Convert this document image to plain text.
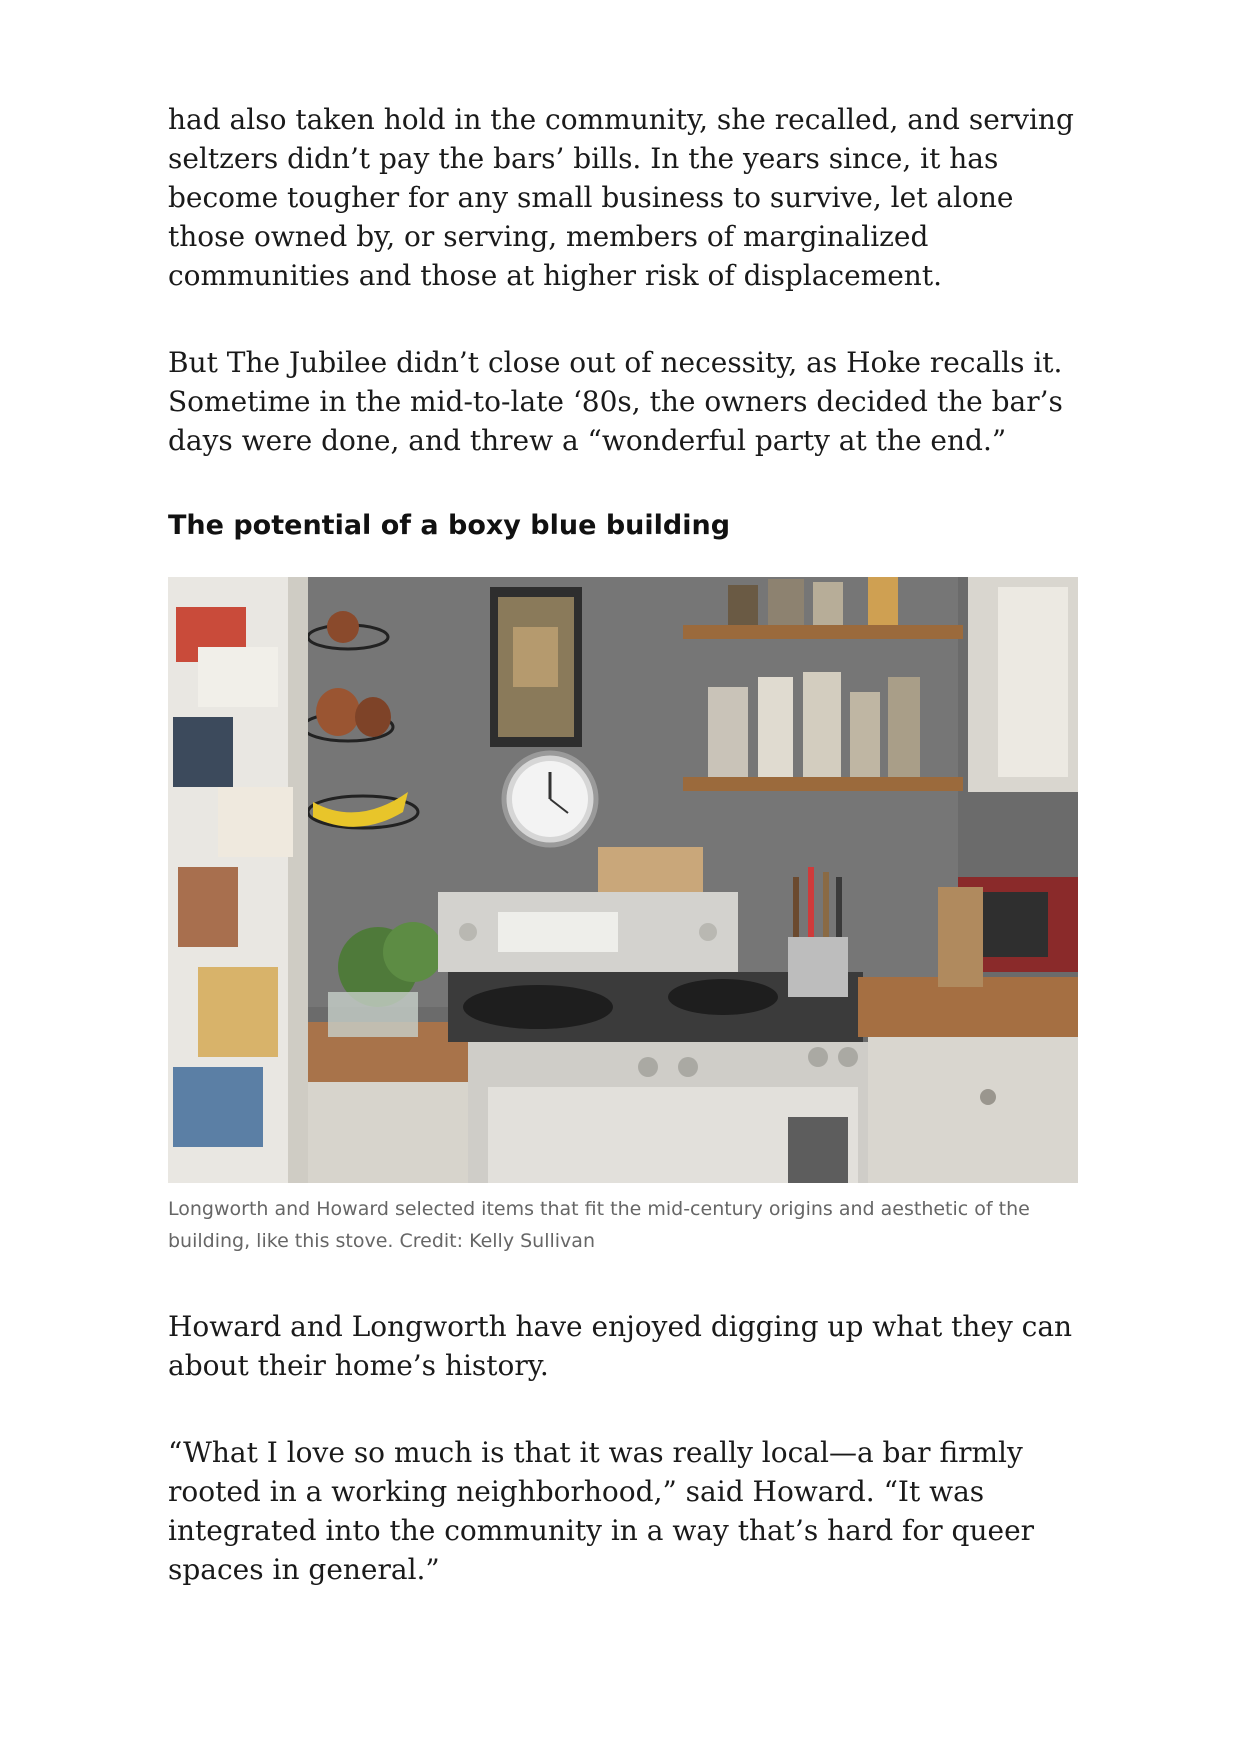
had also taken hold in the community, she recalled, and serving seltzers didn’t pay the bars’ bills. In the years since, it has become tougher for any small business to survive, let alone those owned by, or serving, members of marginalized communities and those at higher risk of displacement.

But The Jubilee didn’t close out of necessity, as Hoke recalls it. Sometime in the mid-to-late ‘80s, the owners decided the bar’s days were done, and threw a “wonderful party at the end.”

The potential of a boxy blue building

Longworth and Howard selected items that fit the mid-century origins and aesthetic of the building, like this stove. Credit: Kelly Sullivan

Howard and Longworth have enjoyed digging up what they can about their home’s history.

“What I love so much is that it was really local—a bar firmly rooted in a working neighborhood,” said Howard. “It was integrated into the community in a way that’s hard for queer spaces in general.”
